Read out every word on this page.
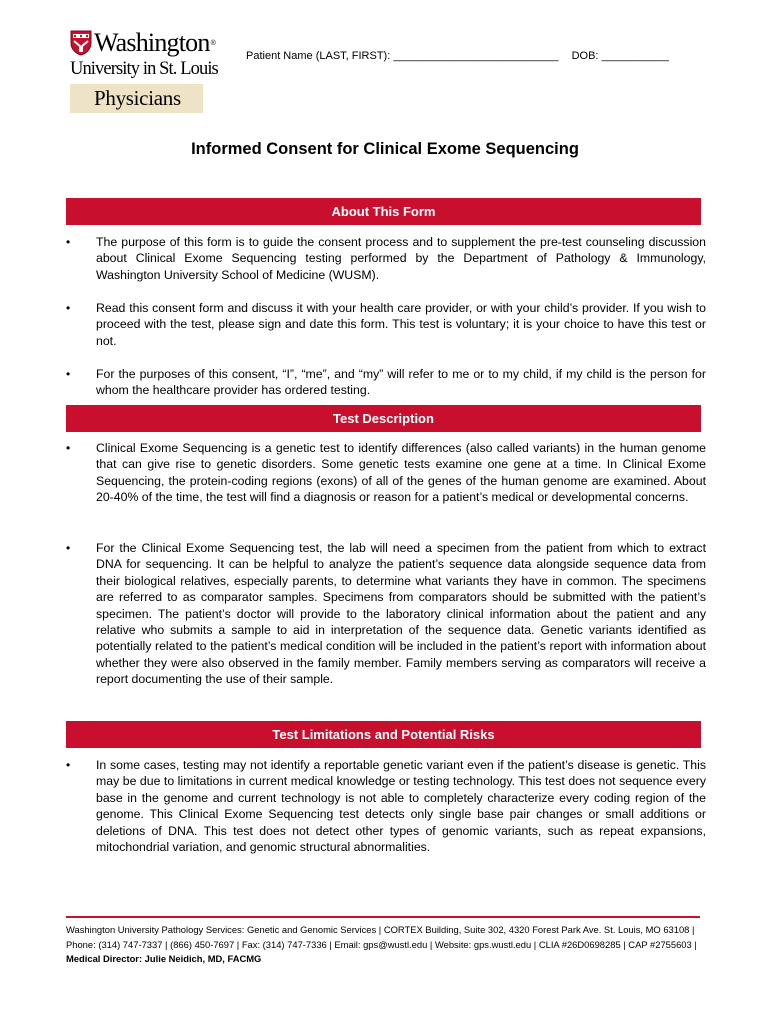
Washington ®
University in St. Louis
Physicians
Patient Name (LAST, FIRST): ___________________________ DOB: ___________
Informed Consent for Clinical Exome Sequencing
About This Form
• The purpose of this form is to guide the consent process and to supplement the pre-test counseling discussion about Clinical Exome Sequencing testing performed by the Department of Pathology & Immunology, Washington University School of Medicine (WUSM).
• Read this consent form and discuss it with your health care provider, or with your child’s provider. If you wish to proceed with the test, please sign and date this form. This test is voluntary; it is your choice to have this test or not.
• For the purposes of this consent, “I”, “me”, and “my” will refer to me or to my child, if my child is the person for whom the healthcare provider has ordered testing.
Test Description
• Clinical Exome Sequencing is a genetic test to identify differences (also called variants) in the human genome that can give rise to genetic disorders. Some genetic tests examine one gene at a time. In Clinical Exome Sequencing, the protein-coding regions (exons) of all of the genes of the human genome are examined. About 20-40% of the time, the test will find a diagnosis or reason for a patient’s medical or developmental concerns.
• For the Clinical Exome Sequencing test, the lab will need a specimen from the patient from which to extract DNA for sequencing. It can be helpful to analyze the patient’s sequence data alongside sequence data from their biological relatives, especially parents, to determine what variants they have in common. The specimens are referred to as comparator samples. Specimens from comparators should be submitted with the patient’s specimen. The patient’s doctor will provide to the laboratory clinical information about the patient and any relative who submits a sample to aid in interpretation of the sequence data. Genetic variants identified as potentially related to the patient’s medical condition will be included in the patient’s report with information about whether they were also observed in the family member. Family members serving as comparators will receive a report documenting the use of their sample.
Test Limitations and Potential Risks
• In some cases, testing may not identify a reportable genetic variant even if the patient’s disease is genetic. This may be due to limitations in current medical knowledge or testing technology. This test does not sequence every base in the genome and current technology is not able to completely characterize every coding region of the genome. This Clinical Exome Sequencing test detects only single base pair changes or small additions or deletions of DNA. This test does not detect other types of genomic variants, such as repeat expansions, mitochondrial variation, and genomic structural abnormalities.
Washington University Pathology Services: Genetic and Genomic Services | CORTEX Building, Suite 302, 4320 Forest Park Ave. St. Louis, MO 63108 | Phone: (314) 747-7337 | (866) 450-7697 | Fax: (314) 747-7336 | Email: gps@wustl.edu | Website: gps.wustl.edu | CLIA #26D0698285 | CAP #2755603 | Medical Director: Julie Neidich, MD, FACMG
